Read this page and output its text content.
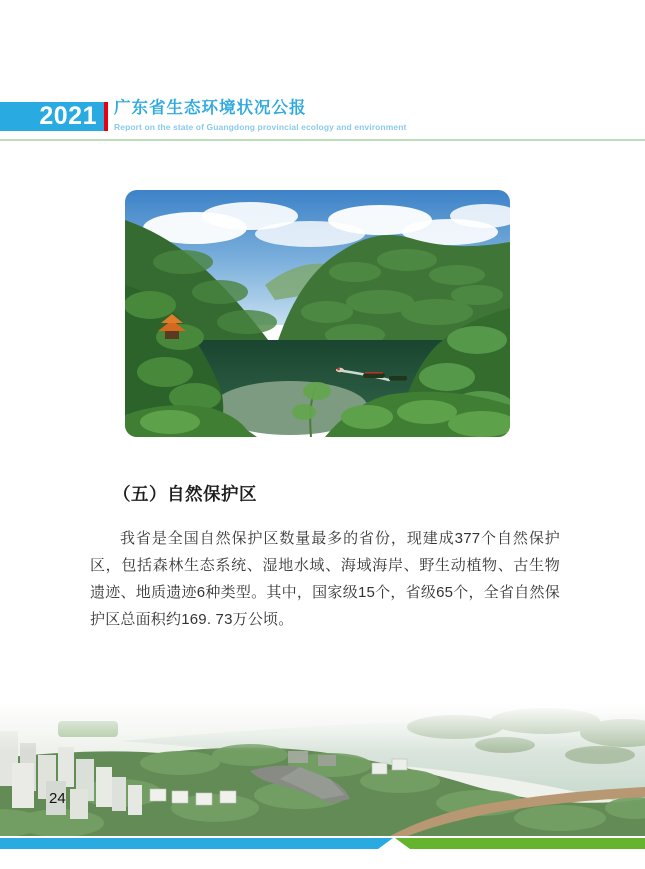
2021 广东省生态环境状况公报
Report on the state of Guangdong provincial ecology and environment
（五）自然保护区

我省是全国自然保护区数量最多的省份，现建成377个自然保护区，包括森林生态系统、湿地水域、海域海岸、野生动植物、古生物遗迹、地质遗迹6种类型。其中，国家级15个，省级65个，全省自然保护区总面积约169. 73万公顷。

24
